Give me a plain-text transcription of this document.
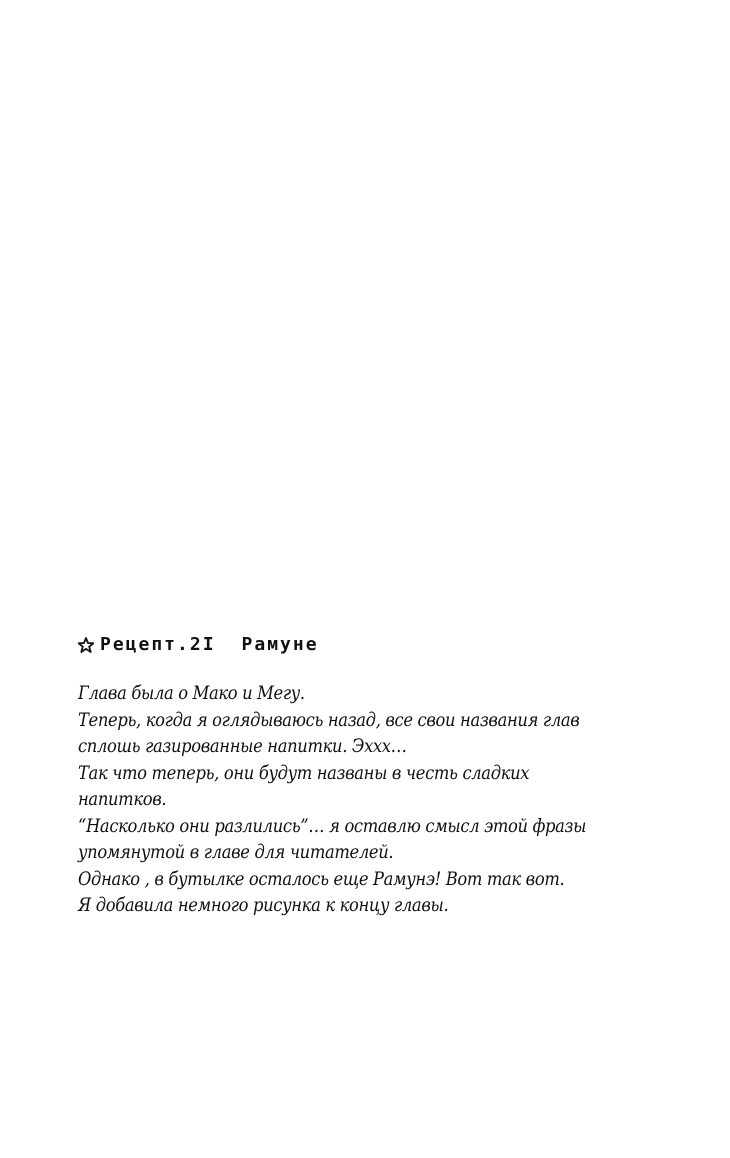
Рецепт.2I Рамуне

Глава была о Мако и Мегу.

Теперь, когда я оглядываюсь назад, все свои названия глав сплошь газированные напитки. Эххх…

Так что теперь, они будут названы в честь сладких напитков.

“Насколько они разлились”… я оставлю смысл этой фразы упомянутой в главе для читателей.

Однако , в бутылке осталось еще Рамунэ! Вот так вот.

Я добавила немного рисунка к концу главы.
